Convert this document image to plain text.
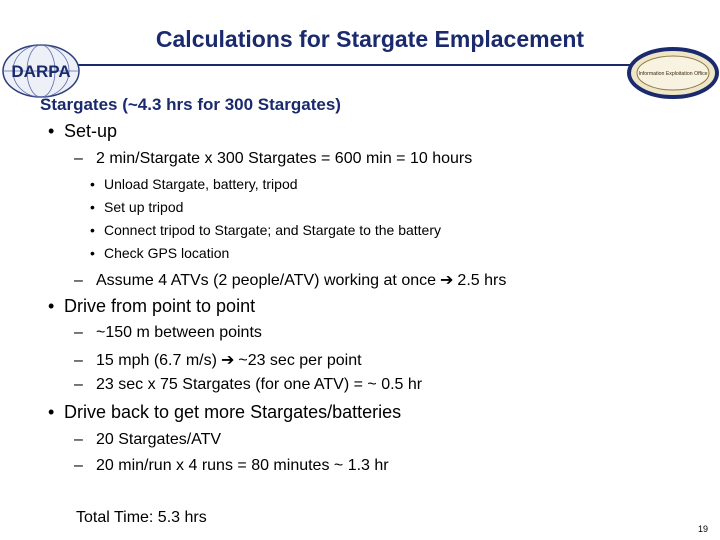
Calculations for Stargate Emplacement
DARPA	Information Exploitation Office
Stargates (~4.3 hrs for 300 Stargates)
• Set-up
– 2 min/Stargate x 300 Stargates = 600 min = 10 hours
• Unload Stargate, battery, tripod
• Set up tripod
• Connect tripod to Stargate; and Stargate to the battery
• Check GPS location
– Assume 4 ATVs (2 people/ATV) working at once ➔ 2.5 hrs
• Drive from point to point
– ~150 m between points
– 15 mph (6.7 m/s) ➔ ~23 sec per point
– 23 sec x 75 Stargates (for one ATV) = ~ 0.5 hr
• Drive back to get more Stargates/batteries
– 20 Stargates/ATV
– 20 min/run x 4 runs = 80 minutes ~ 1.3 hr
Total Time: 5.3 hrs
19
